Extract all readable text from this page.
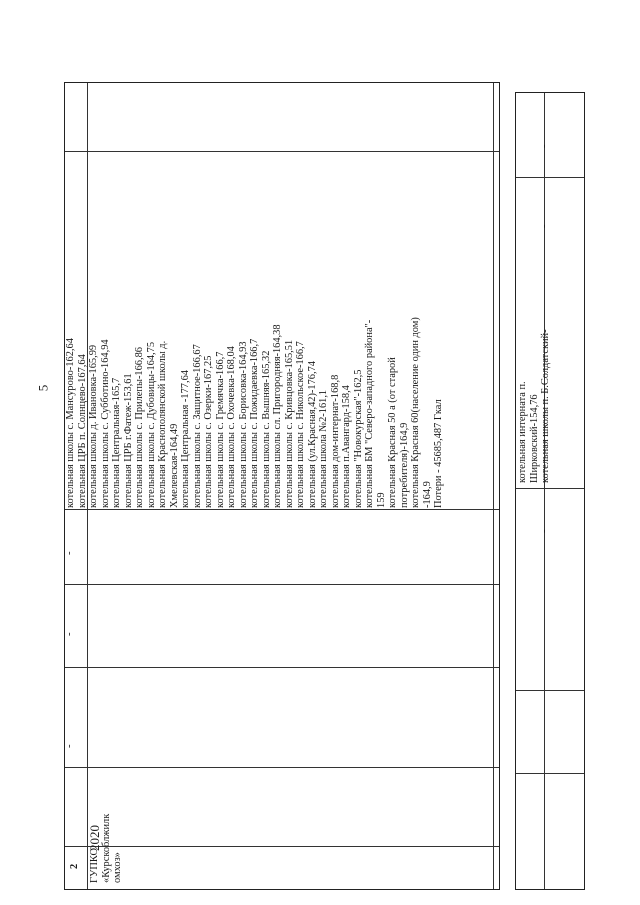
5
2 ГУПКО «Курскоблжилк омхоз»
2020
-
-
-
котельная школы с. Мансурово-162,64 котельная ЦРБ п. Солнцево-167,64 котельная школы д. Ивановка-165,99 котельная школы с. Субботино-164,94 котельная Центральная-165,7 котельная ЦРБ г.Фатеж-153,61 котельная школы с. Прилепы-166,86 котельная школы с. Дубовицы-164,75 котельная Краснополянской школы д. Хмелевская-164,49 котельная Центральная -177,64 котельная школы с. Защитное-166,67 котельная школы с. Озерки-167,25 котельная школы с. Гремячка-166,7 котельная школы с. Охочевка-168,04 котельная школы с. Борисовка-164,93 котельная школы с. Пожидаевка-166,7 котельная школы с. Вышняя-165,32 котельная школы сл. Пригородняя-164,38 котельная школы с. Кривцовка-165,51 котельная школы с. Никольское-166,7 котельная (ул.Красная,42)-176,74 котельная школа №2-161,1 котельная дом-интернат-168,8 котельная п.Авангард-158,4 котельная "Новокурская"-162,5 котельная БМ "Северо-западного района"- 159 котельная Красная 50 а (от старой потребителя)-164,9 котельная Красная 60(население один дом) -164,9 Потери - 45685,487 Гкал
-
-
котельная интерната п. Ширковский-154,76 котельная школы п. Б.Солдатский-
-
